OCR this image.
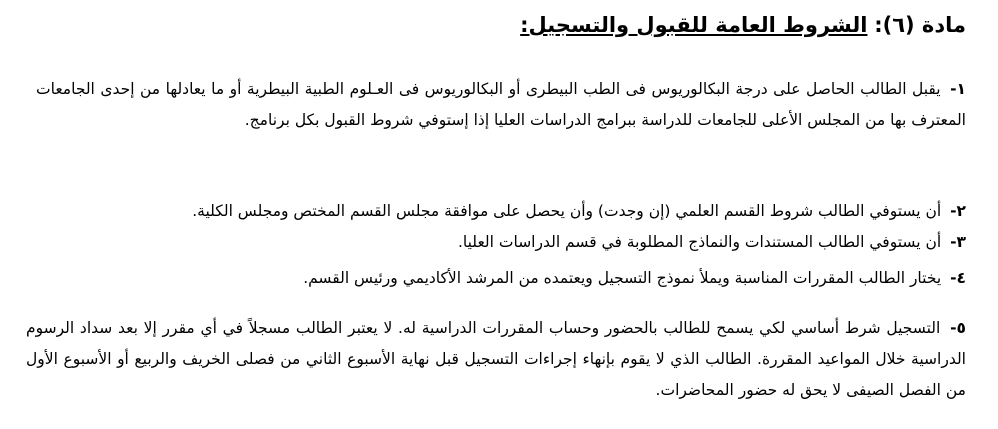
مادة (٦): الشروط العامة للقبول والتسجيل:
١- يقبل الطالب الحاصل على درجة البكالوريوس فى الطب البيطرى أو البكالوريوس فى العـلوم الطبية البيطرية أو ما يعادلها من إحدى الجامعات المعترف بها من المجلس الأعلى للجامعات للدراسة ببرامج الدراسات العليا إذا إستوفي شروط القبول بكل برنامج.
٢- أن يستوفي الطالب شروط القسم العلمي (إن وجدت) وأن يحصل على موافقة مجلس القسم المختص ومجلس الكلية.
٣- أن يستوفي الطالب المستندات والنماذج المطلوبة في قسم الدراسات العليا.
٤- يختار الطالب المقررات المناسبة ويملأ نموذج التسجيل ويعتمده من المرشد الأكاديمي ورئيس القسم.
٥- التسجيل شرط أساسي لكي يسمح للطالب بالحضور وحساب المقررات الدراسية له. لا يعتبر الطالب مسجلاً في أي مقرر إلا بعد سداد الرسوم الدراسية خلال المواعيد المقررة. الطالب الذي لا يقوم بإنهاء إجراءات التسجيل قبل نهاية الأسبوع الثاني من فصلى الخريف والربيع أو الأسبوع الأول من الفصل الصيفى لا يحق له حضور المحاضرات.
